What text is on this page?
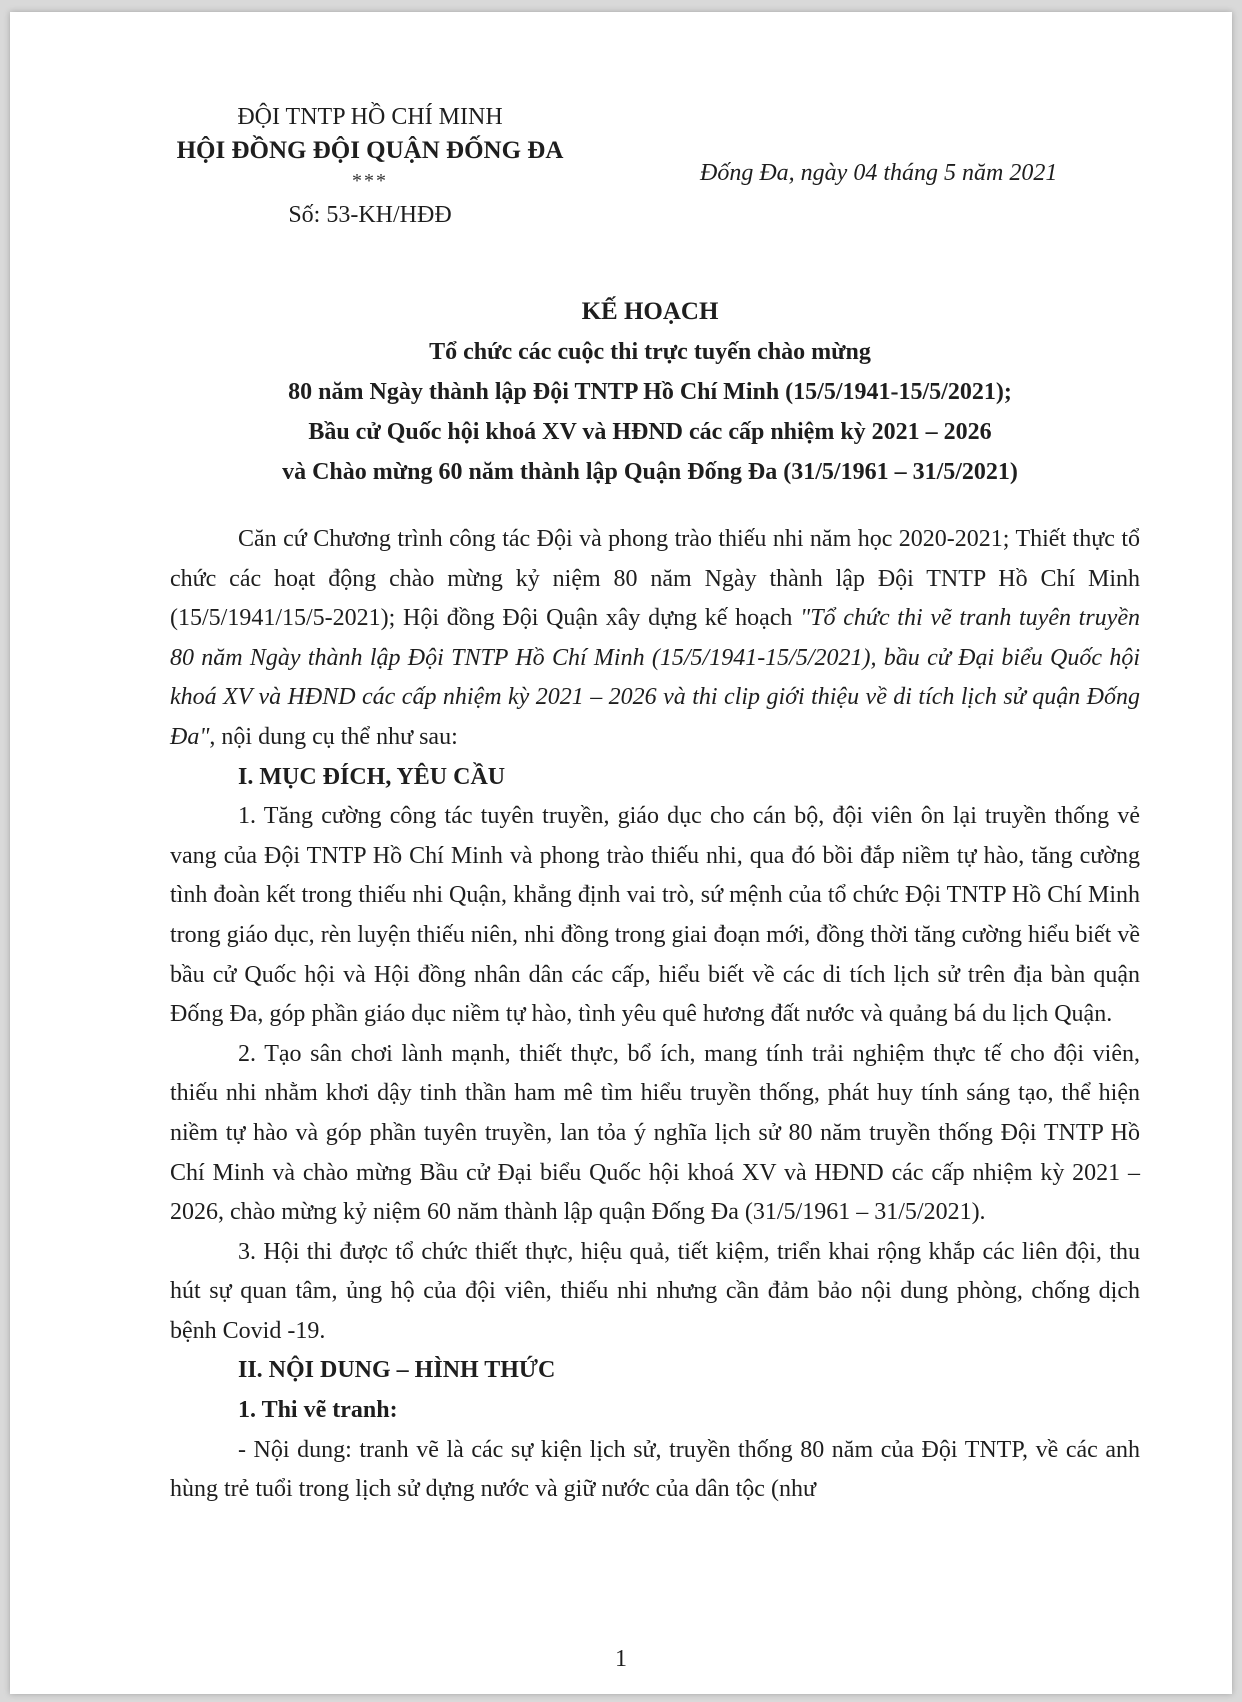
ĐỘI TNTP HỒ CHÍ MINH
HỘI ĐỒNG ĐỘI QUẬN ĐỐNG ĐA
***
Số: 53-KH/HĐĐ
Đống Đa, ngày 04 tháng 5 năm 2021
KẾ HOẠCH
Tổ chức các cuộc thi trực tuyến chào mừng
80 năm Ngày thành lập Đội TNTP Hồ Chí Minh (15/5/1941-15/5/2021);
Bầu cử Quốc hội khoá XV và HĐND các cấp nhiệm kỳ 2021 – 2026
và Chào mừng 60 năm thành lập Quận Đống Đa (31/5/1961 – 31/5/2021)

Căn cứ Chương trình công tác Đội và phong trào thiếu nhi năm học 2020-2021; Thiết thực tổ chức các hoạt động chào mừng kỷ niệm 80 năm Ngày thành lập Đội TNTP Hồ Chí Minh (15/5/1941/15/5-2021); Hội đồng Đội Quận xây dựng kế hoạch "Tổ chức thi vẽ tranh tuyên truyền 80 năm Ngày thành lập Đội TNTP Hồ Chí Minh (15/5/1941-15/5/2021), bầu cử Đại biểu Quốc hội khoá XV và HĐND các cấp nhiệm kỳ 2021 – 2026 và thi clip giới thiệu về di tích lịch sử quận Đống Đa", nội dung cụ thể như sau:

I. MỤC ĐÍCH, YÊU CẦU

1. Tăng cường công tác tuyên truyền, giáo dục cho cán bộ, đội viên ôn lại truyền thống vẻ vang của Đội TNTP Hồ Chí Minh và phong trào thiếu nhi, qua đó bồi đắp niềm tự hào, tăng cường tình đoàn kết trong thiếu nhi Quận, khẳng định vai trò, sứ mệnh của tổ chức Đội TNTP Hồ Chí Minh trong giáo dục, rèn luyện thiếu niên, nhi đồng trong giai đoạn mới, đồng thời tăng cường hiểu biết về bầu cử Quốc hội và Hội đồng nhân dân các cấp, hiểu biết về các di tích lịch sử trên địa bàn quận Đống Đa, góp phần giáo dục niềm tự hào, tình yêu quê hương đất nước và quảng bá du lịch Quận.

2. Tạo sân chơi lành mạnh, thiết thực, bổ ích, mang tính trải nghiệm thực tế cho đội viên, thiếu nhi nhằm khơi dậy tinh thần ham mê tìm hiểu truyền thống, phát huy tính sáng tạo, thể hiện niềm tự hào và góp phần tuyên truyền, lan tỏa ý nghĩa lịch sử 80 năm truyền thống Đội TNTP Hồ Chí Minh và chào mừng Bầu cử Đại biểu Quốc hội khoá XV và HĐND các cấp nhiệm kỳ 2021 – 2026, chào mừng kỷ niệm 60 năm thành lập quận Đống Đa (31/5/1961 – 31/5/2021).

3. Hội thi được tổ chức thiết thực, hiệu quả, tiết kiệm, triển khai rộng khắp các liên đội, thu hút sự quan tâm, ủng hộ của đội viên, thiếu nhi nhưng cần đảm bảo nội dung phòng, chống dịch bệnh Covid -19.

II. NỘI DUNG – HÌNH THỨC

1. Thi vẽ tranh:

- Nội dung: tranh vẽ là các sự kiện lịch sử, truyền thống 80 năm của Đội TNTP, về các anh hùng trẻ tuổi trong lịch sử dựng nước và giữ nước của dân tộc (như

1
